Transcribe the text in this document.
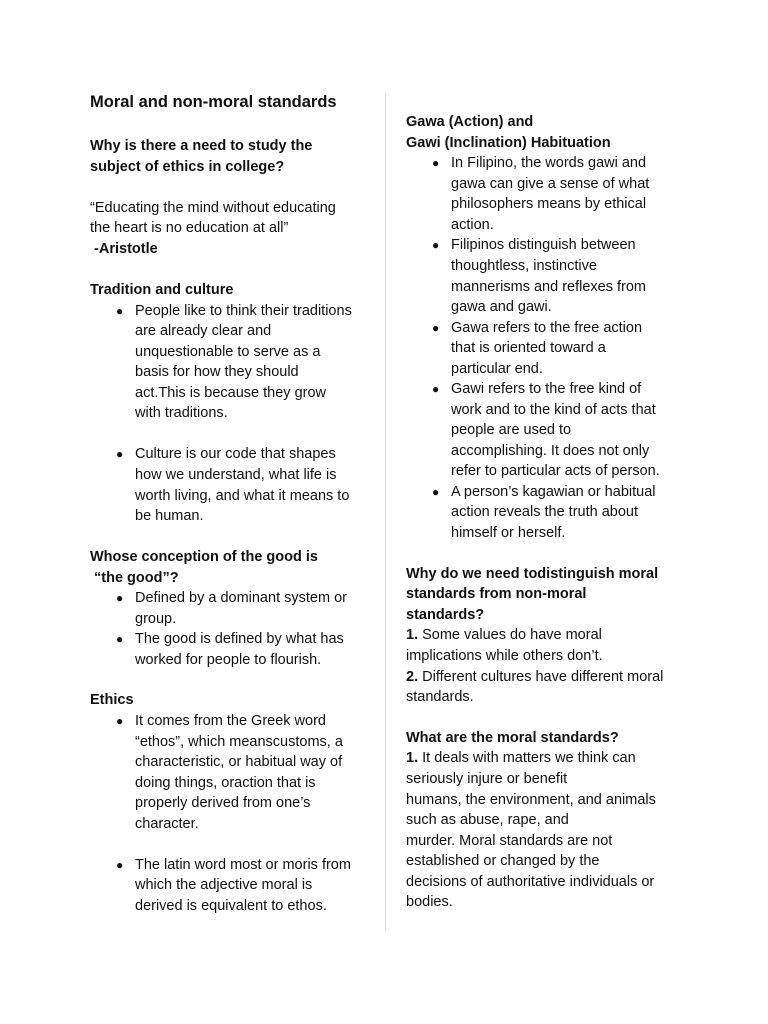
Moral and non-moral standards
Why is there a need to study the
subject of ethics in college?
“Educating the mind without educating
the heart is no education at all”
-Aristotle
Tradition and culture
● People like to think their traditions
are already clear and
unquestionable to serve as a
basis for how they should
act.This is because they grow
with traditions.
● Culture is our code that shapes
how we understand, what life is
worth living, and what it means to
be human.
Whose conception of the good is
“the good”?
● Defined by a dominant system or
group.
● The good is defined by what has
worked for people to flourish.
Ethics
● It comes from the Greek word
“ethos”, which meanscustoms, a
characteristic, or habitual way of
doing things, oraction that is
properly derived from one’s
character.
● The latin word most or moris from
which the adjective moral is
derived is equivalent to ethos.
Gawa (Action) and
Gawi (Inclination) Habituation
● In Filipino, the words gawi and
gawa can give a sense of what
philosophers means by ethical
action.
● Filipinos distinguish between
thoughtless, instinctive
mannerisms and reflexes from
gawa and gawi.
● Gawa refers to the free action
that is oriented toward a
particular end.
● Gawi refers to the free kind of
work and to the kind of acts that
people are used to
accomplishing. It does not only
refer to particular acts of person.
● A person’s kagawian or habitual
action reveals the truth about
himself or herself.
Why do we need todistinguish moral
standards from non-moral
standards?
1. Some values do have moral
implications while others don’t.
2. Different cultures have different moral
standards.
What are the moral standards?
1. It deals with matters we think can
seriously injure or benefit
humans, the environment, and animals
such as abuse, rape, and
murder. Moral standards are not
established or changed by the
decisions of authoritative individuals or
bodies.
